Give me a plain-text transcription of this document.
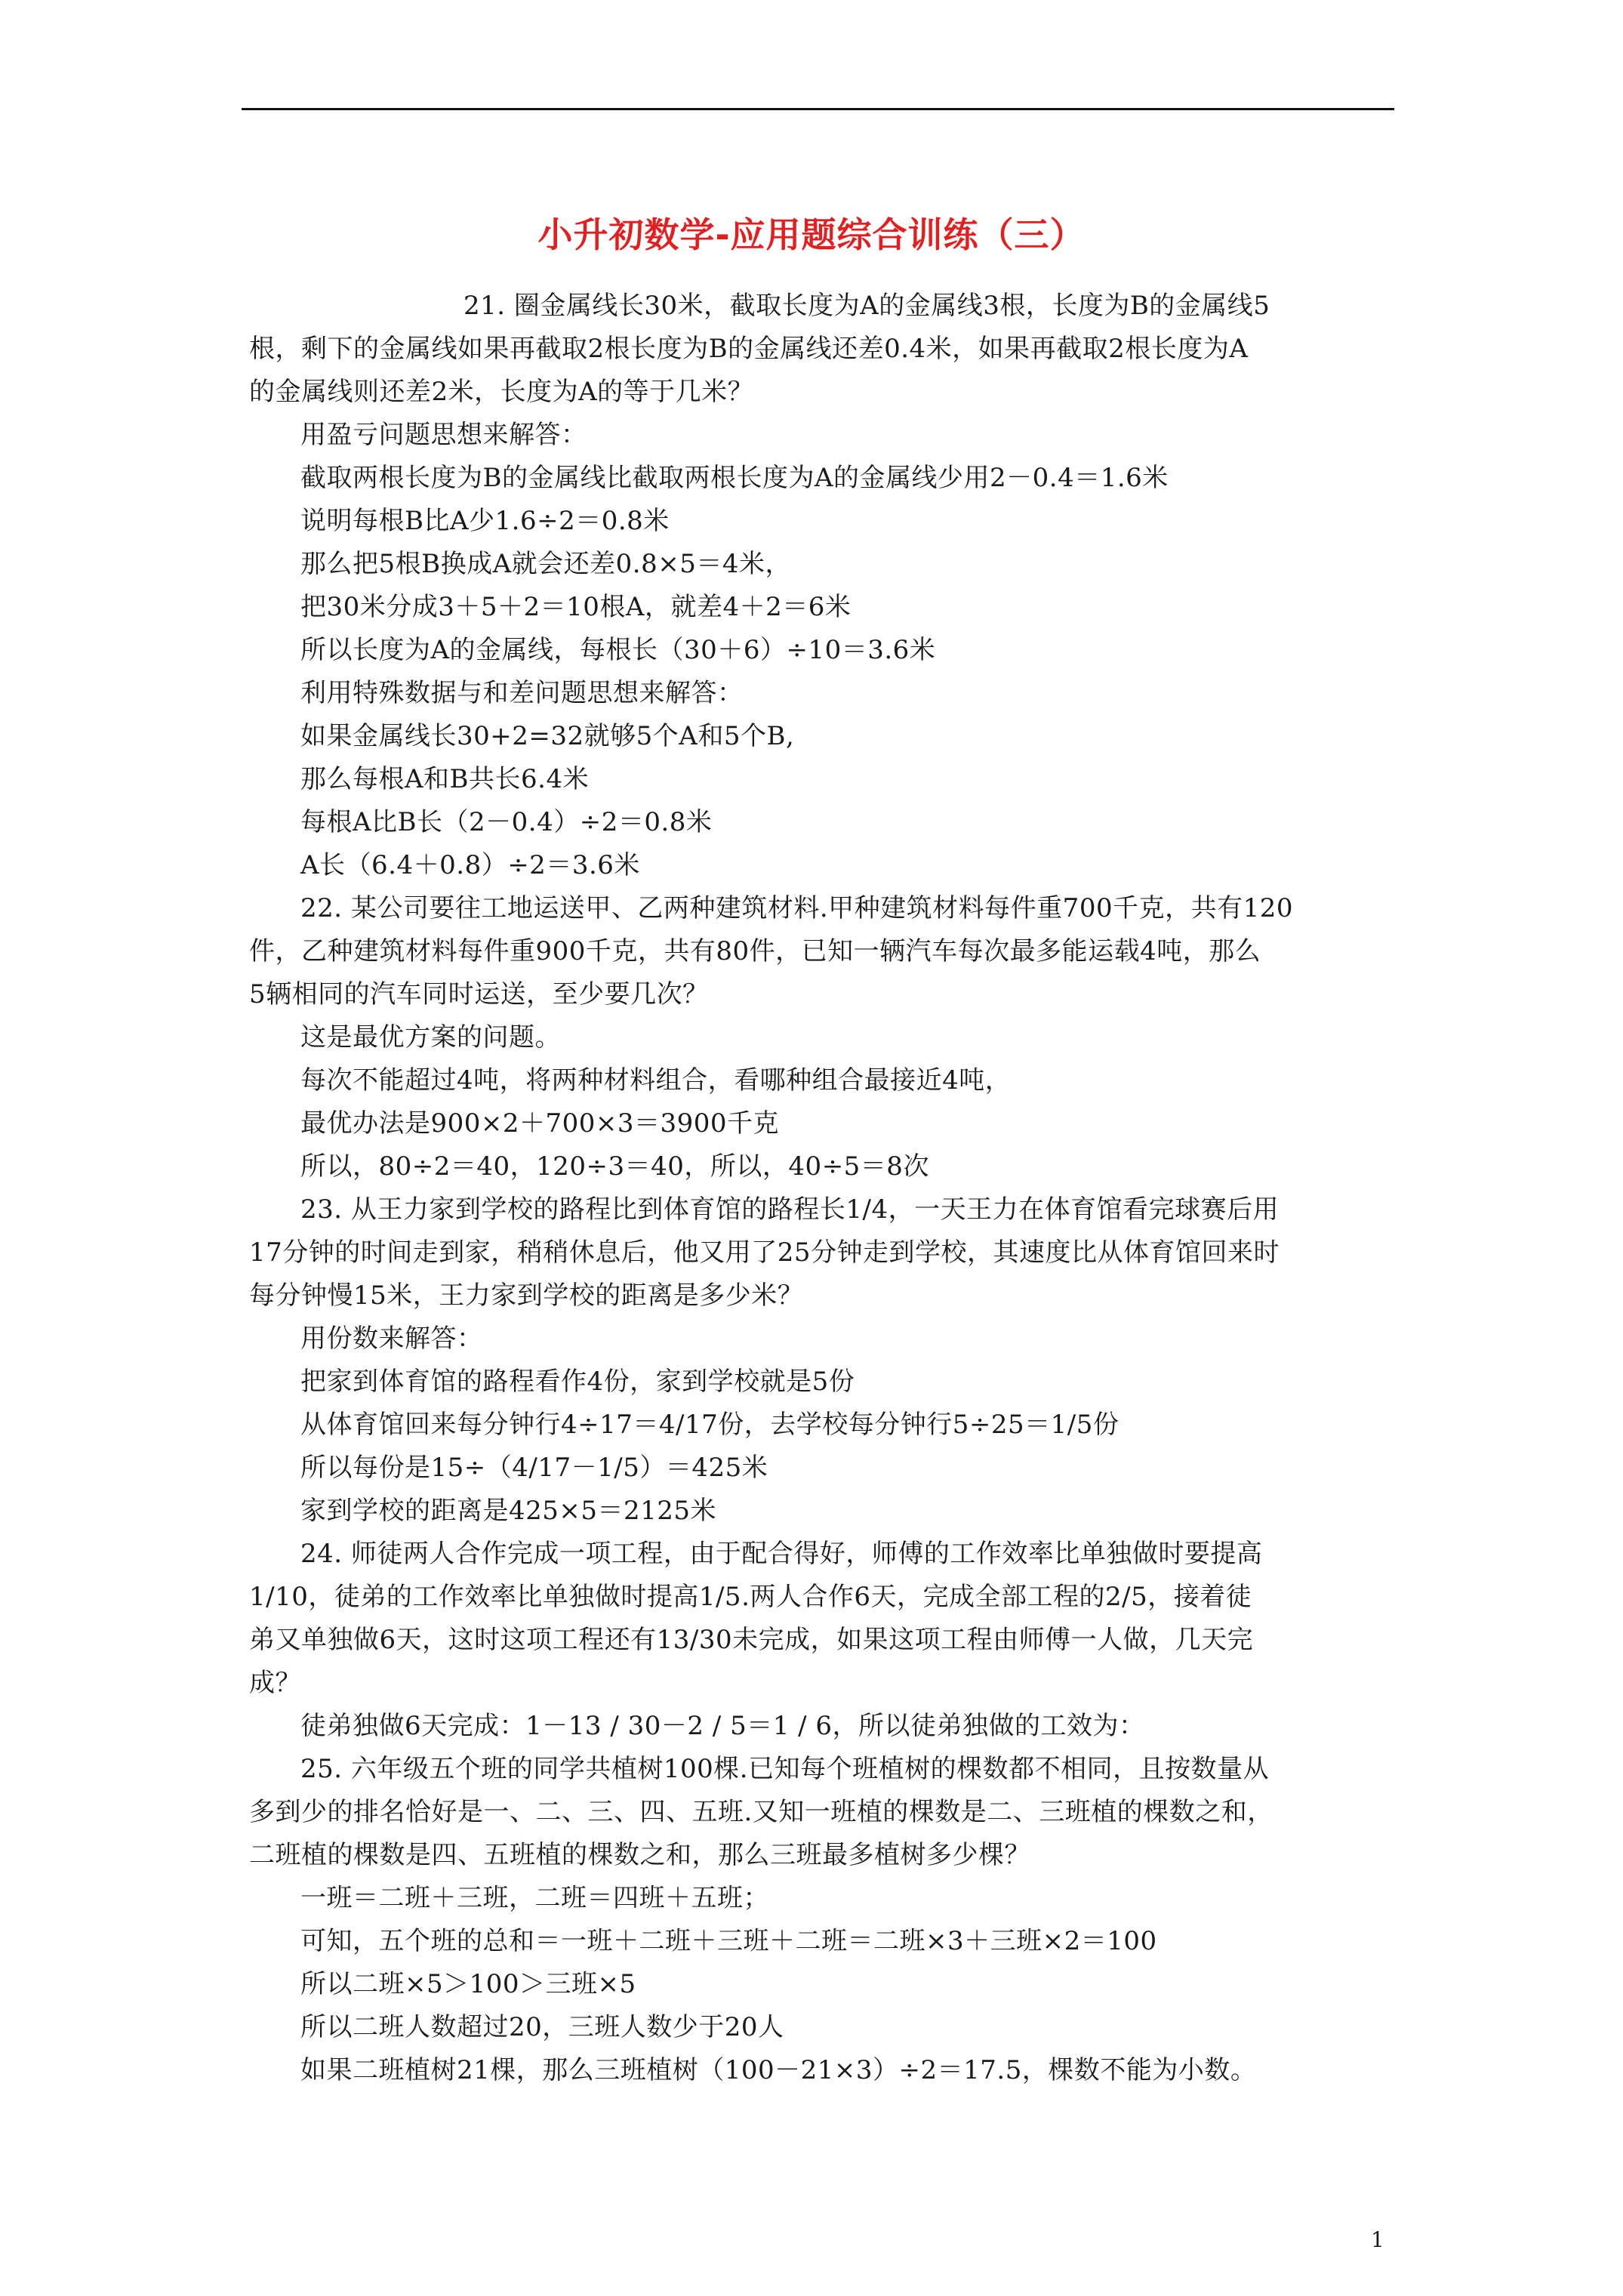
小升初数学-应用题综合训练（三）
21. 圈金属线长30米，截取长度为A的金属线3根，长度为B的金属线5
根，剩下的金属线如果再截取2根长度为B的金属线还差0.4米，如果再截取2根长度为A
的金属线则还差2米，长度为A的等于几米？
用盈亏问题思想来解答：
截取两根长度为B的金属线比截取两根长度为A的金属线少用2－0.4＝1.6米
说明每根B比A少1.6÷2＝0.8米
那么把5根B换成A就会还差0.8×5＝4米，
把30米分成3＋5＋2＝10根A，就差4＋2＝6米
所以长度为A的金属线，每根长（30＋6）÷10＝3.6米
利用特殊数据与和差问题思想来解答：
如果金属线长30+2=32就够5个A和5个B,
那么每根A和B共长6.4米
每根A比B长（2－0.4）÷2＝0.8米
A长（6.4＋0.8）÷2＝3.6米
22. 某公司要往工地运送甲、乙两种建筑材料.甲种建筑材料每件重700千克，共有120
件，乙种建筑材料每件重900千克，共有80件，已知一辆汽车每次最多能运载4吨，那么
5辆相同的汽车同时运送，至少要几次？
这是最优方案的问题。
每次不能超过4吨，将两种材料组合，看哪种组合最接近4吨，
最优办法是900×2＋700×3＝3900千克
所以，80÷2＝40，120÷3＝40，所以，40÷5＝8次
23. 从王力家到学校的路程比到体育馆的路程长1/4，一天王力在体育馆看完球赛后用
17分钟的时间走到家，稍稍休息后，他又用了25分钟走到学校，其速度比从体育馆回来时
每分钟慢15米，王力家到学校的距离是多少米？
用份数来解答：
把家到体育馆的路程看作4份，家到学校就是5份
从体育馆回来每分钟行4÷17＝4/17份，去学校每分钟行5÷25＝1/5份
所以每份是15÷（4/17－1/5）＝425米
家到学校的距离是425×5＝2125米
24. 师徒两人合作完成一项工程，由于配合得好，师傅的工作效率比单独做时要提高
1/10，徒弟的工作效率比单独做时提高1/5.两人合作6天，完成全部工程的2/5，接着徒
弟又单独做6天，这时这项工程还有13/30未完成，如果这项工程由师傅一人做，几天完
成？
徒弟独做6天完成：1－13 / 30－2 / 5＝1 / 6，所以徒弟独做的工效为：
25. 六年级五个班的同学共植树100棵.已知每个班植树的棵数都不相同，且按数量从
多到少的排名恰好是一、二、三、四、五班.又知一班植的棵数是二、三班植的棵数之和，
二班植的棵数是四、五班植的棵数之和，那么三班最多植树多少棵？
一班＝二班＋三班，二班＝四班＋五班；
可知，五个班的总和＝一班＋二班＋三班＋二班＝二班×3＋三班×2＝100
所以二班×5＞100＞三班×5
所以二班人数超过20，三班人数少于20人
如果二班植树21棵，那么三班植树（100－21×3）÷2＝17.5，棵数不能为小数。
1
